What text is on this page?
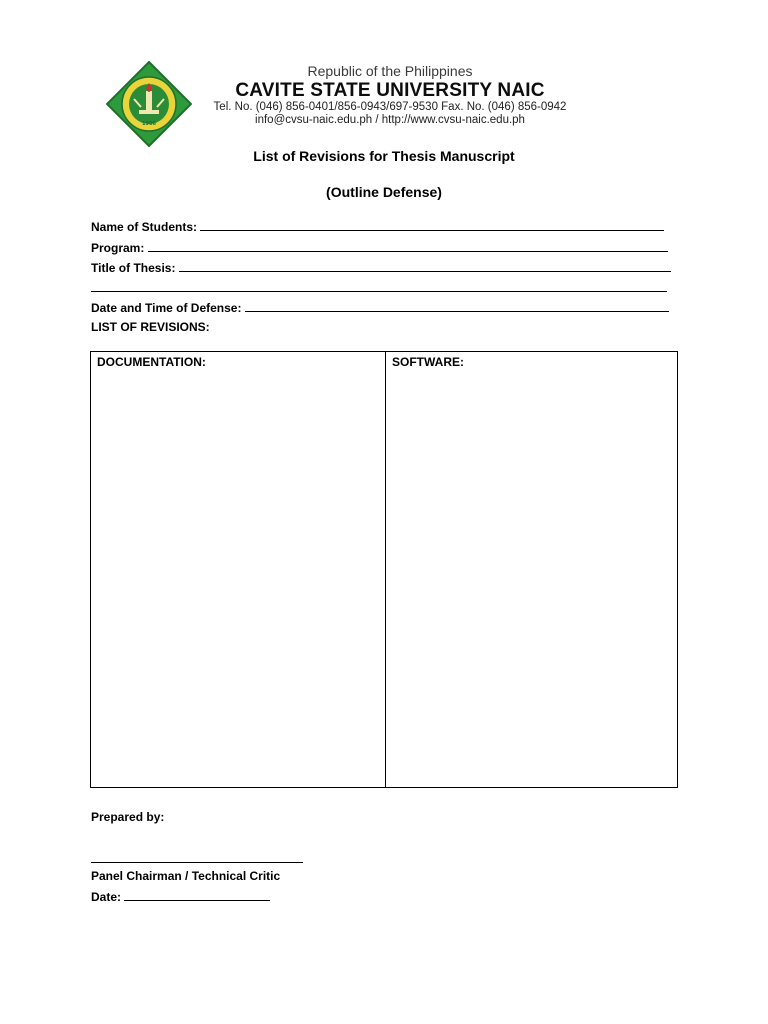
1906
Republic of the Philippines
CAVITE STATE UNIVERSITY NAIC
Tel. No. (046) 856-0401/856-0943/697-9530 Fax. No. (046) 856-0942
info@cvsu-naic.edu.ph / http://www.cvsu-naic.edu.ph
List of Revisions for Thesis Manuscript
(Outline Defense)
Name of Students:
Program:
Title of Thesis:
Date and Time of Defense:
LIST OF REVISIONS:
DOCUMENTATION:	SOFTWARE:
Prepared by:
Panel Chairman / Technical Critic
Date:
